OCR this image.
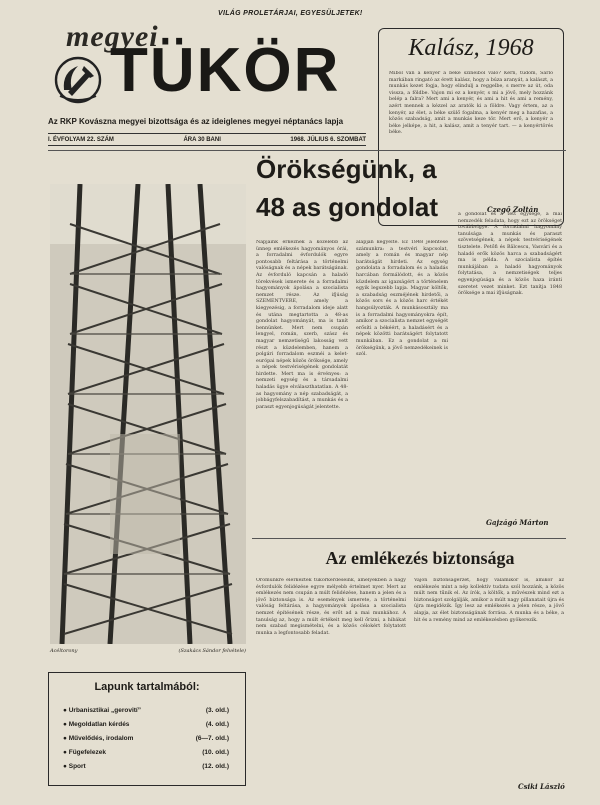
VILÁG PROLETÁRJAI, EGYESÜLJETEK!
megyei
TÜKÖR
Az RKP Kovászna megyei bizottsága és az ideiglenes megyei néptanács lapja
I. ÉVFOLYAM 22. SZÁM	ÁRA 30 BANI	1968. JÚLIUS 6. SZOMBAT
Kalász, 1968
Miből van a kenyér a béke színeiből való? Kern, tudom, Sarló markában ringató az érett kalász, hogy a búza aranyát, a kalászt, a munkás kezet fogja, hogy elindulj a reggelbe, s merre az út, oda vissza, a földbe. Vajon mi ez a kenyér, s mi a jövő, mely hozzánk belép a falra? Mert ami a kenyér, és ami a hit és ami a remény, azért mennek a kézzel az aratók ki a földre. Vagy értem, az a kenyér, az élet, a béke szülő fogalma, a kenyér meg a hazafias, a közös szabadság, amit a munkás keze tör. Mert erő, a kenyér a béke jelképe, a hit, a kalász, amit a tenyér tart. — a kenyértörés béke.
Czegő Zoltán
Acéltorony	(Szakács Sándor felvétele)
Örökségünk, a 48 as gondolat
Napjaink érkeznek a közelebb az ünnep emlékezés hagyományos órái, a forradalmi évfordulók egyre pontosabb feltárása a történelmi valóságnak és a népek barátságának. Az évforduló kapcsán a haladó törekvések ismerete és a forradalmi hagyományok ápolása a szocialista nemzet része. Az ifjúság SZEMENTVERE, amely a kiegyezésig, a forradalom ideje alatt és utána megtartotta a 48-as gondolat hagyományát, ma is tanít bennünket. Mert nem csupán lengyel, román, szerb, szász és magyar nemzetiségű lakosság vett részt a küzdelemben, hanem a polgári forradalom eszméi a kelet-európai népek közös öröksége, amely a népek testvériségének gondolatát hirdette. Mert ma is érvényes: a nemzeti egység és a társadalmi haladás ügye elválaszthatatlan. A 48-as hagyomány a nép szabadságát, a jobbágyfelszabadítást, a munkás és a paraszt egyenjogúságát jelentette.
alapján kegyelte. Ez 1848 jelentése számunkra: a testvéri kapcsolat, amely a román és magyar nép barátságát hirdeti. Az egység gondolata a forradalom és a haladás harcában formálódott, és a közös küzdelem az igazságért a történelem egyik legszebb lapja. Magyar költők, a szabadság eszméjének hirdetői, a közös sors és a közös harc értékét hangsúlyozták. A munkásosztály ma is a forradalmi hagyományokra épít, amikor a szocialista nemzet egységét erősíti a békéért, a haladásért és a népek közötti barátságért folytatott munkában. Ez a gondolat a mi örökségünk, a jövő nemzedékeinek is szól.
a gondolat és a tett egysége, a mai nemzedék feladata, hogy ezt az örökséget továbbvigye. A forradalmi hagyomány tanulsága a munkás és paraszt szövetségének, a népek testvériségének tisztelete. Petőfi és Bălcescu, Vasvári és a haladó erők közös harca a szabadságért ma is példa. A szocialista építés munkájában a haladó hagyományok folytatása, a nemzetiségek teljes egyenjogúsága és a közös haza iránti szeretet vezet minket. Ezt tanítja 1848 öröksége a mai ifjúságnak.
Gajzágó Márton
Az emlékezés biztonsága
Örömünkre elérkeztek tükörkérdéseink, amelyekben a nagy évfordulók felidézése egyre mélyebb értelmet nyer. Mert az emlékezés nem csupán a múlt felidézése, hanem a jelen és a jövő biztonsága is. Az események ismerete, a történelmi valóság feltárása, a hagyományok ápolása a szocialista nemzet építésének része, és erőt ad a mai munkához. A tanulság az, hogy a múlt értékeit meg kell őrizni, a hibákat nem szabad megismételni, és a közös célokért folytatott munka a legfontosabb feladat.
Vajon biztonságérzet, hogy valamikor is, amikor az emlékezés mint a nép kollektív tudata szól hozzánk, a közös múlt nem tűnik el. Az írók, a költők, a művészek mind ezt a biztonságot szolgálják, amikor a múlt nagy pillanatait újra és újra megidézik. Így lesz az emlékezés a jelen része, a jövő alapja, az élet biztonságának forrása. A munka és a béke, a hit és a remény mind az emlékezésben gyökerezik.
Csiki László
Lapunk tartalmából:
● Urbanisztikai „gerovití”	(3. old.)
● Megoldatlan kérdés	(4. old.)
● Művelődés, irodalom	(6—7. old.)
● Fügefelezek	(10. old.)
● Sport	(12. old.)
